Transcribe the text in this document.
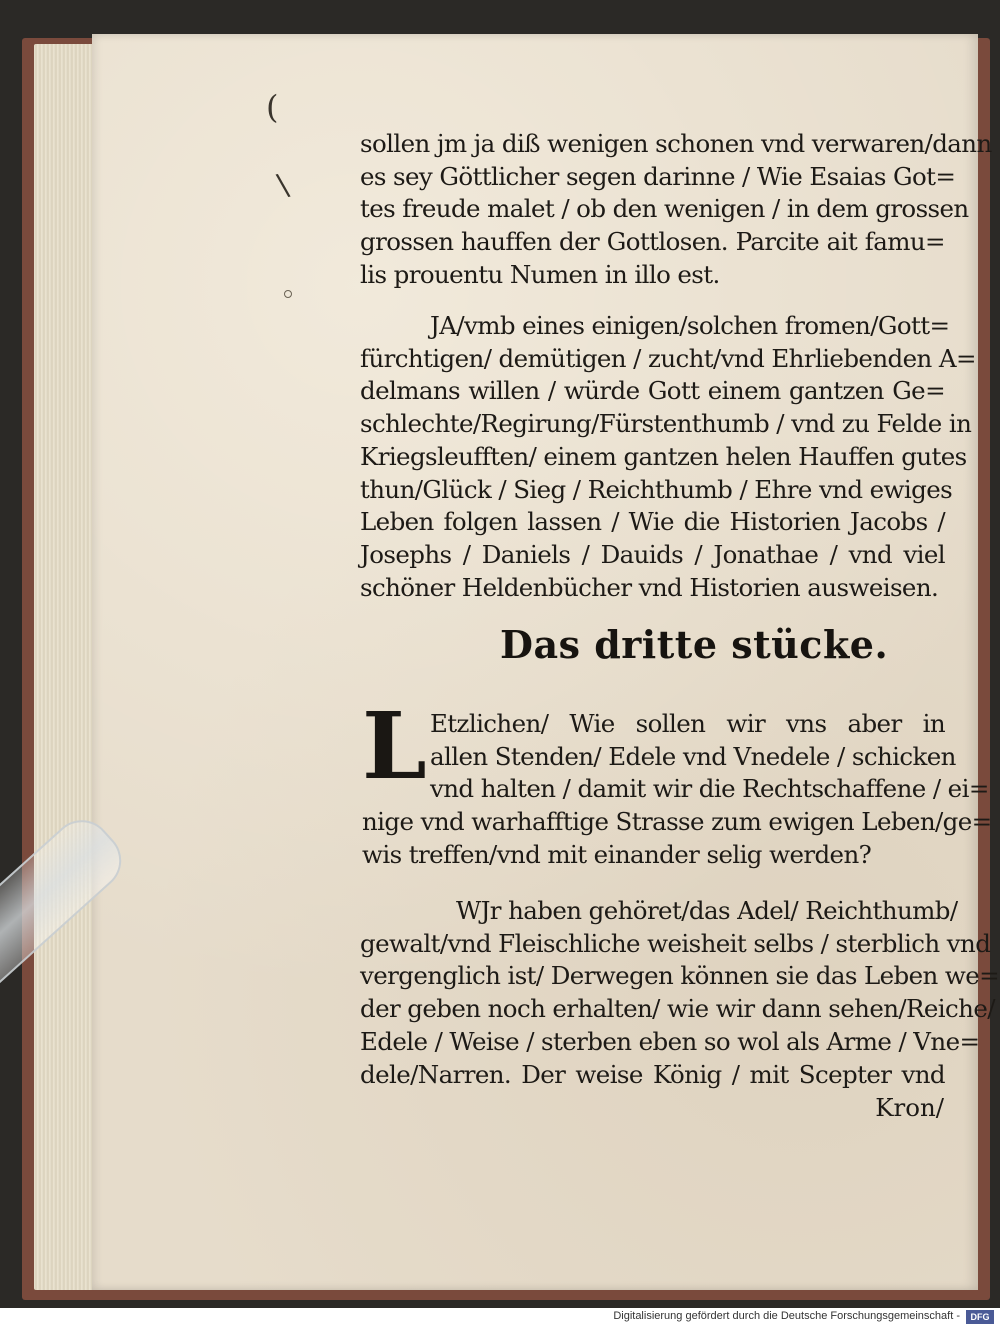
(
\
sollen jm ja diß wenigen schonen vnd verwaren/dann
es sey Göttlicher segen darinne / Wie Esaias Got=
tes freude malet / ob den wenigen / in dem grossen
grossen hauffen der Gottlosen. Parcite ait famu=
lis prouentu Numen in illo est.
JA/vmb eines einigen/solchen fromen/Gott=
fürchtigen/ demütigen / zucht/vnd Ehrliebenden A=
delmans willen / würde Gott einem gantzen Ge=
schlechte/Regirung/Fürstenthumb / vnd zu Felde in
Kriegsleufften/ einem gantzen helen Hauffen gutes
thun/Glück / Sieg / Reichthumb / Ehre vnd ewiges
Leben folgen lassen / Wie die Historien Jacobs /
Josephs / Daniels / Dauids / Jonathae / vnd viel
schöner Heldenbücher vnd Historien ausweisen.
Das dritte stücke.
L Etzlichen/ Wie sollen wir vns aber in
allen Stenden/ Edele vnd Vnedele / schicken
vnd halten / damit wir die Rechtschaffene / ei=
nige vnd warhafftige Strasse zum ewigen Leben/ge=
wis treffen/vnd mit einander selig werden?
WJr haben gehöret/das Adel/ Reichthumb/
gewalt/vnd Fleischliche weisheit selbs / sterblich vnd
vergenglich ist/ Derwegen können sie das Leben we=
der geben noch erhalten/ wie wir dann sehen/Reiche/
Edele / Weise / sterben eben so wol als Arme / Vne=
dele/Narren. Der weise König / mit Scepter vnd
Kron/
Digitalisierung gefördert durch die Deutsche Forschungsgemeinschaft -	DFG
